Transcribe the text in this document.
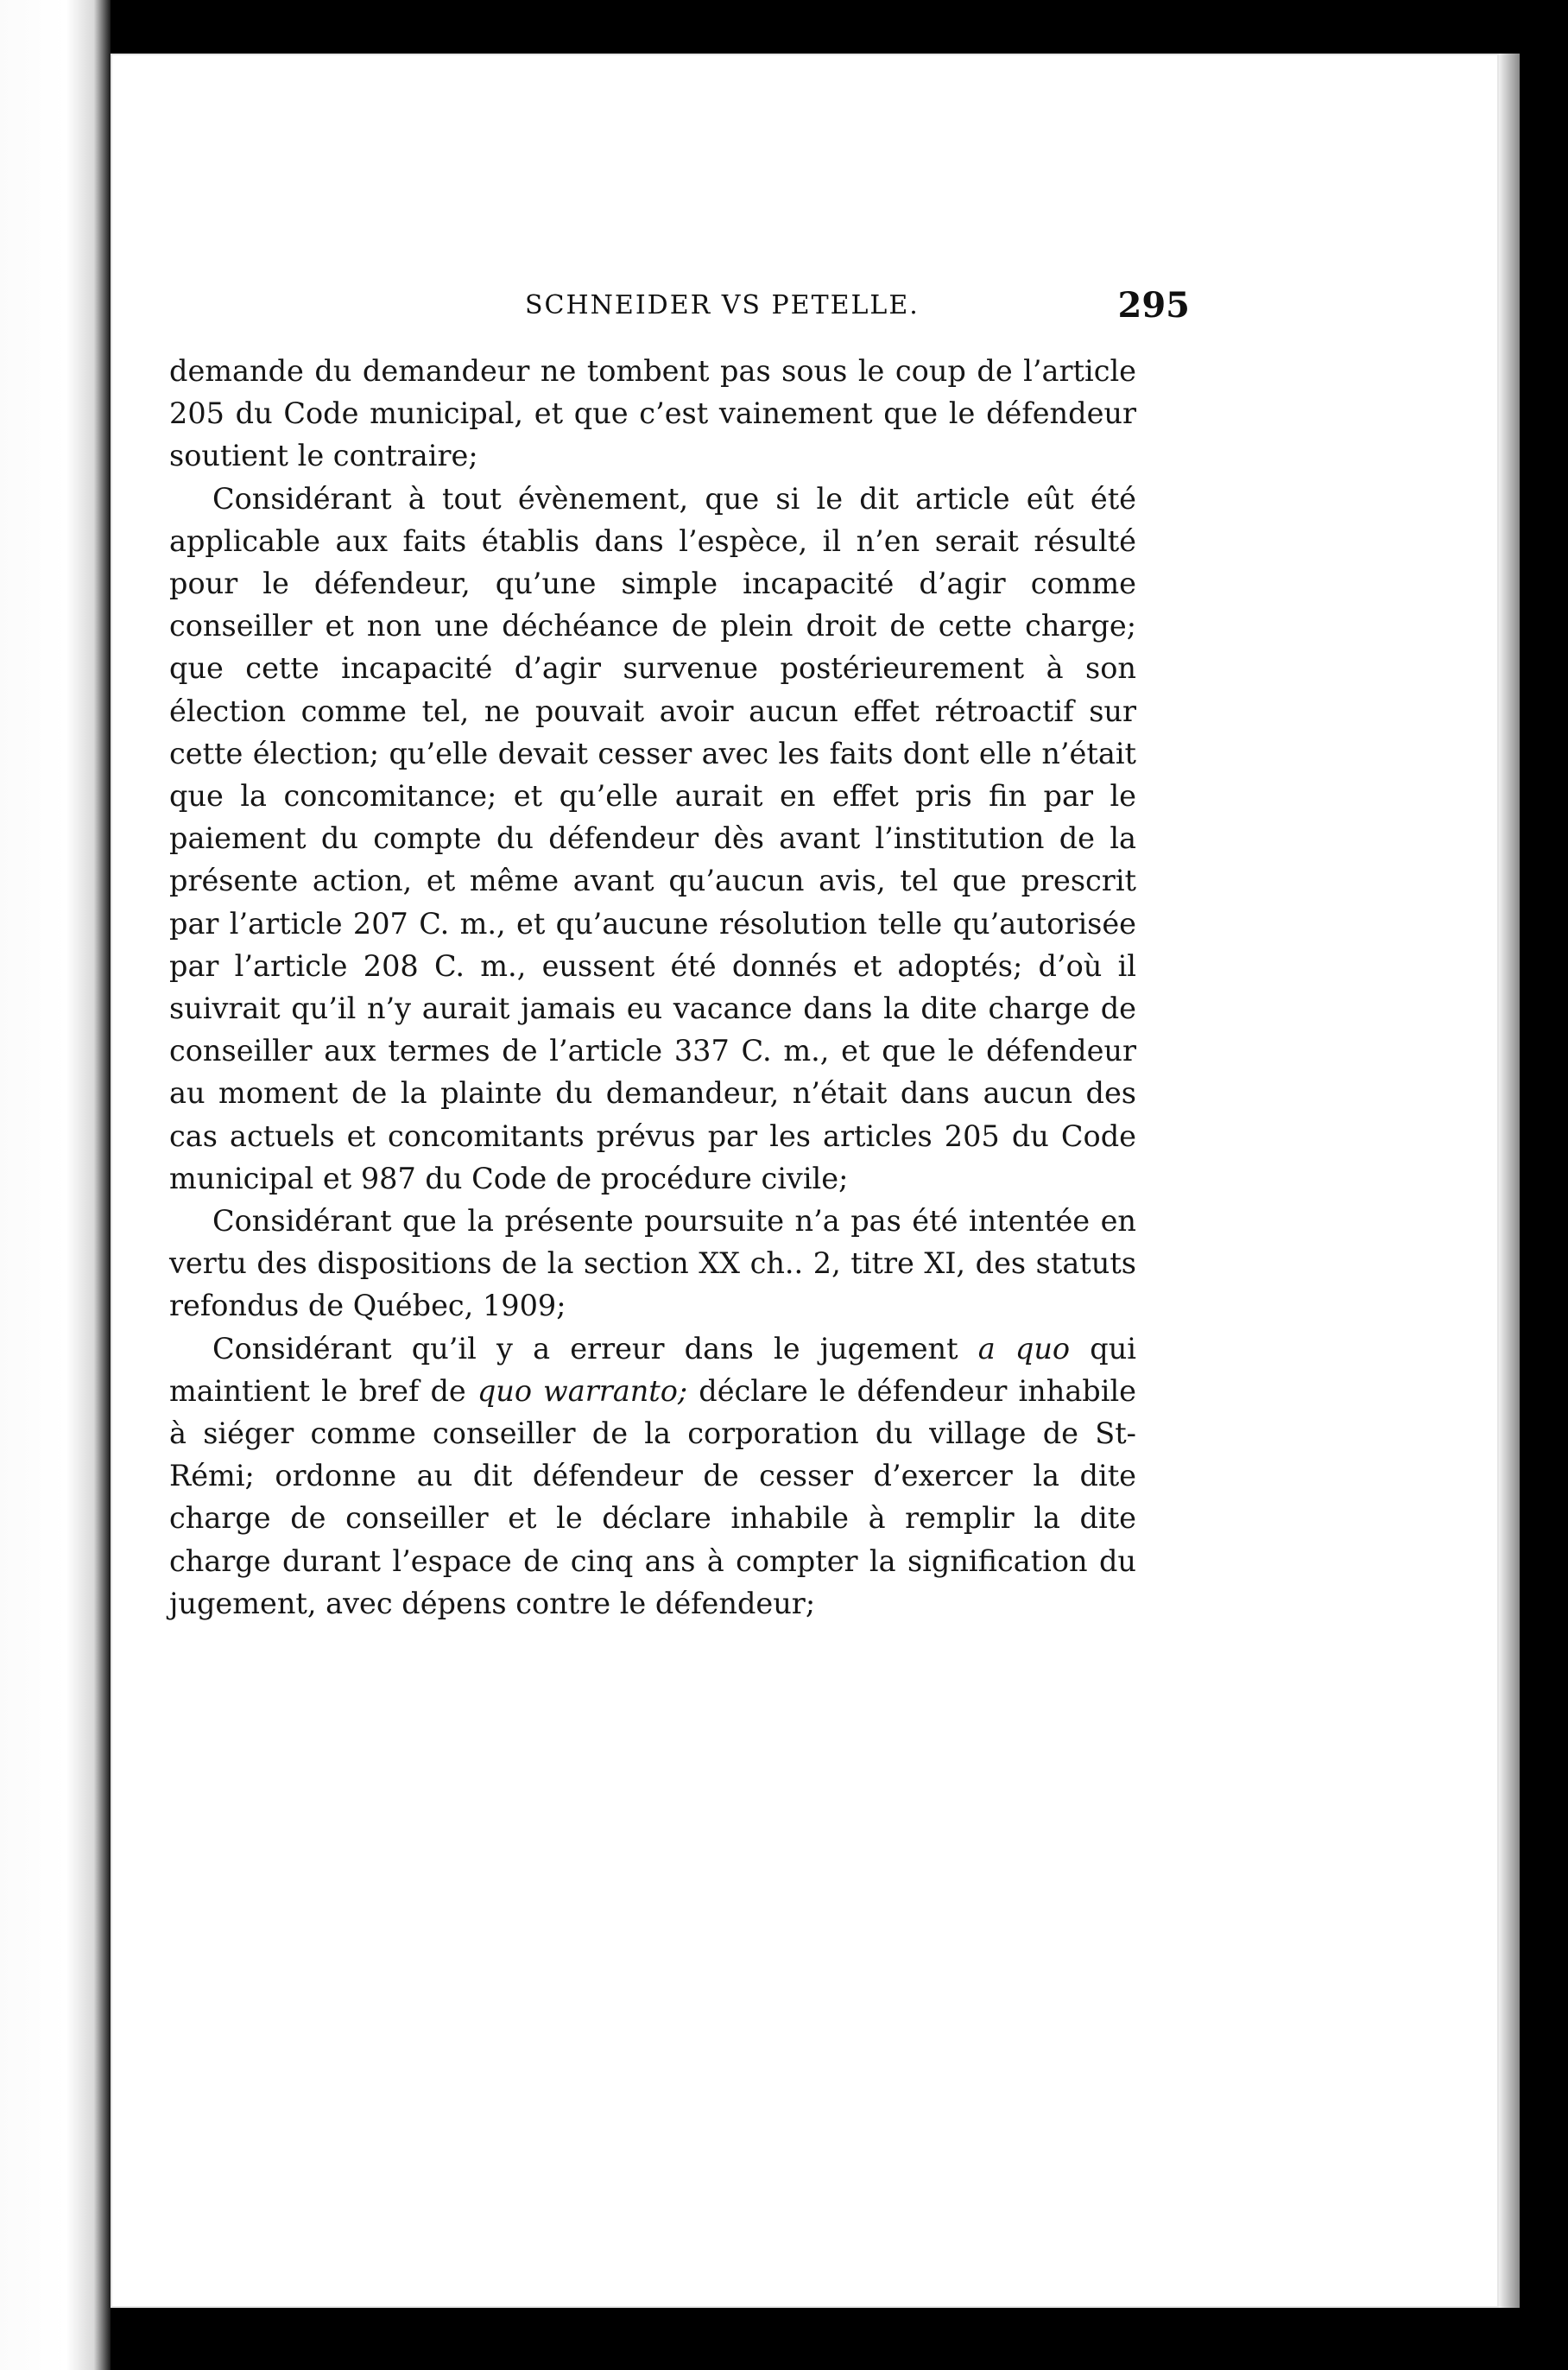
SCHNEIDER VS PETELLE.	295

demande du demandeur ne tombent pas sous le coup de l’article 205 du Code municipal, et que c’est vainement que le défendeur soutient le contraire;

Considérant à tout évènement, que si le dit article eût été applicable aux faits établis dans l’espèce, il n’en serait résulté pour le défendeur, qu’une simple incapacité d’agir comme conseiller et non une déchéance de plein droit de cette charge; que cette incapacité d’agir survenue postérieurement à son élection comme tel, ne pouvait avoir aucun effet rétroactif sur cette élection; qu’elle devait cesser avec les faits dont elle n’était que la concomitance; et qu’elle aurait en effet pris fin par le paiement du compte du défendeur dès avant l’institution de la présente action, et même avant qu’aucun avis, tel que prescrit par l’article 207 C. m., et qu’aucune résolution telle qu’autorisée par l’article 208 C. m., eussent été donnés et adoptés; d’où il suivrait qu’il n’y aurait jamais eu vacance dans la dite charge de conseiller aux termes de l’article 337 C. m., et que le défendeur au moment de la plainte du demandeur, n’était dans aucun des cas actuels et concomitants prévus par les articles 205 du Code municipal et 987 du Code de procédure civile;

Considérant que la présente poursuite n’a pas été intentée en vertu des dispositions de la section XX ch.. 2, titre XI, des statuts refondus de Québec, 1909;

Considérant qu’il y a erreur dans le jugement a quo qui maintient le bref de quo warranto; déclare le défendeur inhabile à siéger comme conseiller de la corporation du village de St-Rémi; ordonne au dit défendeur de cesser d’exercer la dite charge de conseiller et le déclare inhabile à remplir la dite charge durant l’espace de cinq ans à compter la signification du jugement, avec dépens contre le défendeur;
